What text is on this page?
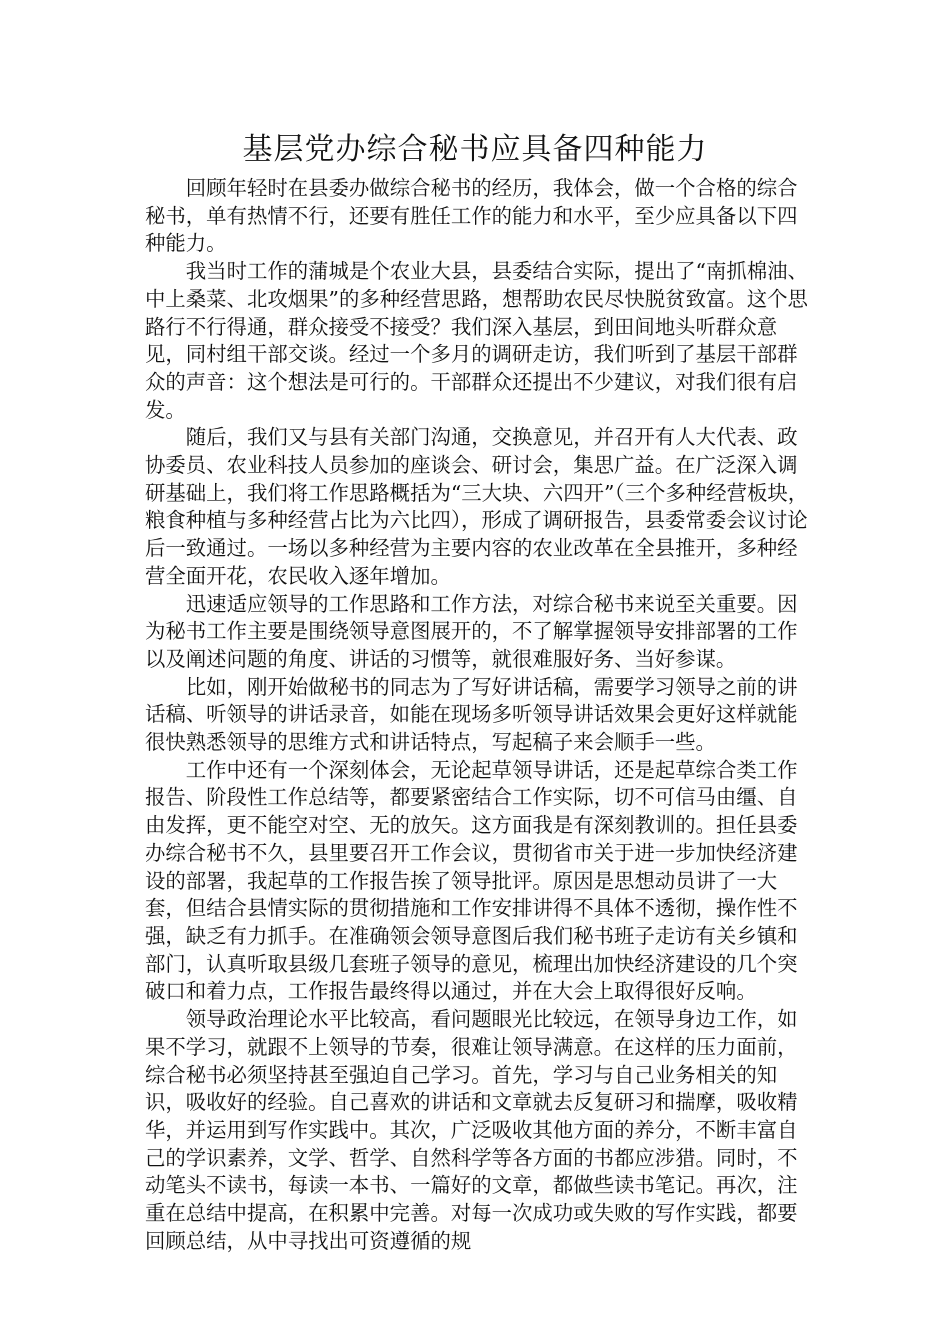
基层党办综合秘书应具备四种能力

回顾年轻时在县委办做综合秘书的经历，我体会，做一个合格的综合秘书，单有热情不行，还要有胜任工作的能力和水平，至少应具备以下四种能力。

我当时工作的蒲城是个农业大县，县委结合实际，提出了“南抓棉油、中上桑菜、北攻烟果”的多种经营思路，想帮助农民尽快脱贫致富。这个思路行不行得通，群众接受不接受？我们深入基层，到田间地头听群众意见，同村组干部交谈。经过一个多月的调研走访，我们听到了基层干部群众的声音：这个想法是可行的。干部群众还提出不少建议，对我们很有启发。

随后，我们又与县有关部门沟通，交换意见，并召开有人大代表、政协委员、农业科技人员参加的座谈会、研讨会，集思广益。在广泛深入调研基础上，我们将工作思路概括为“三大块、六四开”（三个多种经营板块，粮食种植与多种经营占比为六比四），形成了调研报告，县委常委会议讨论后一致通过。一场以多种经营为主要内容的农业改革在全县推开，多种经营全面开花，农民收入逐年增加。

迅速适应领导的工作思路和工作方法，对综合秘书来说至关重要。因为秘书工作主要是围绕领导意图展开的，不了解掌握领导安排部署的工作以及阐述问题的角度、讲话的习惯等，就很难服好务、当好参谋。

比如，刚开始做秘书的同志为了写好讲话稿，需要学习领导之前的讲话稿、听领导的讲话录音，如能在现场多听领导讲话效果会更好这样就能很快熟悉领导的思维方式和讲话特点，写起稿子来会顺手一些。

工作中还有一个深刻体会，无论起草领导讲话，还是起草综合类工作报告、阶段性工作总结等，都要紧密结合工作实际，切不可信马由缰、自由发挥，更不能空对空、无的放矢。这方面我是有深刻教训的。担任县委办综合秘书不久，县里要召开工作会议，贯彻省市关于进一步加快经济建设的部署，我起草的工作报告挨了领导批评。原因是思想动员讲了一大套，但结合县情实际的贯彻措施和工作安排讲得不具体不透彻，操作性不强，缺乏有力抓手。在准确领会领导意图后我们秘书班子走访有关乡镇和部门，认真听取县级几套班子领导的意见，梳理出加快经济建设的几个突破口和着力点，工作报告最终得以通过，并在大会上取得很好反响。

领导政治理论水平比较高，看问题眼光比较远，在领导身边工作，如果不学习，就跟不上领导的节奏，很难让领导满意。在这样的压力面前，综合秘书必须坚持甚至强迫自己学习。首先，学习与自己业务相关的知识，吸收好的经验。自己喜欢的讲话和文章就去反复研习和揣摩，吸收精华，并运用到写作实践中。其次，广泛吸收其他方面的养分，不断丰富自己的学识素养，文学、哲学、自然科学等各方面的书都应涉猎。同时，不动笔头不读书，每读一本书、一篇好的文章，都做些读书笔记。再次，注重在总结中提高，在积累中完善。对每一次成功或失败的写作实践，都要回顾总结，从中寻找出可资遵循的规
